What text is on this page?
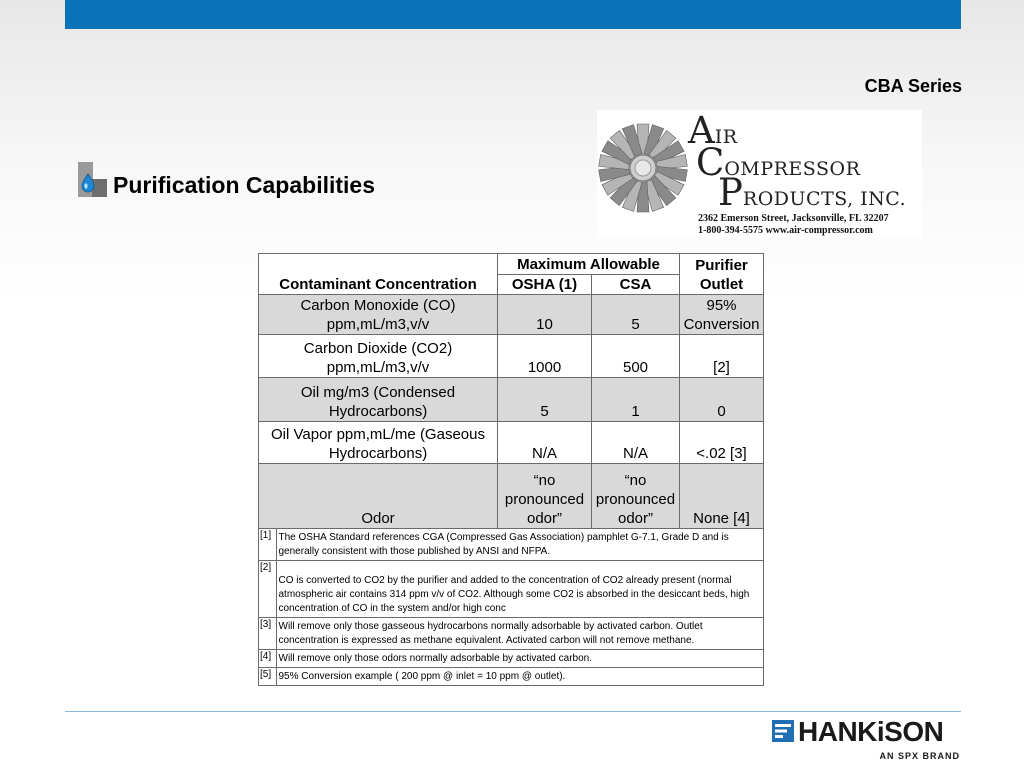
CBA Series
Purification Capabilities
AIR
COMPRESSOR
PRODUCTS, INC.
2362 Emerson Street, Jacksonville, FL 32207
1-800-394-5575 www.air-compressor.com
	Maximum Allowable	Purifier
Contaminant Concentration	OSHA (1)	CSA	Outlet
Carbon Monoxide (CO) ppm,mL/m3,v/v	10	5	95% Conversion
Carbon Dioxide (CO2) ppm,mL/m3,v/v	1000	500	[2]
Oil mg/m3 (Condensed Hydrocarbons)	5	1	0
Oil Vapor ppm,mL/me (Gaseous Hydrocarbons)	N/A	N/A	<.02 [3]
Odor	“no pronounced odor”	“no pronounced odor”	None [4]

[1]	The OSHA Standard references CGA (Compressed Gas Association) pamphlet G-7.1, Grade D and is generally consistent with those published by ANSI and NFPA.
[2]	CO is converted to CO2 by the purifier and added to the concentration of CO2 already present (normal atmospheric air contains 314 ppm v/v of CO2. Although some CO2 is absorbed in the desiccant beds, high concentration of CO in the system and/or high conc
[3]	Will remove only those gasseous hydrocarbons normally adsorbable by activated carbon. Outlet concentration is expressed as methane equivalent. Activated carbon will not remove methane.
[4]	Will remove only those odors normally adsorbable by activated carbon.
[5]	95% Conversion example ( 200 ppm @ inlet = 10 ppm @ outlet).
HANKiSON
AN SPX BRAND
